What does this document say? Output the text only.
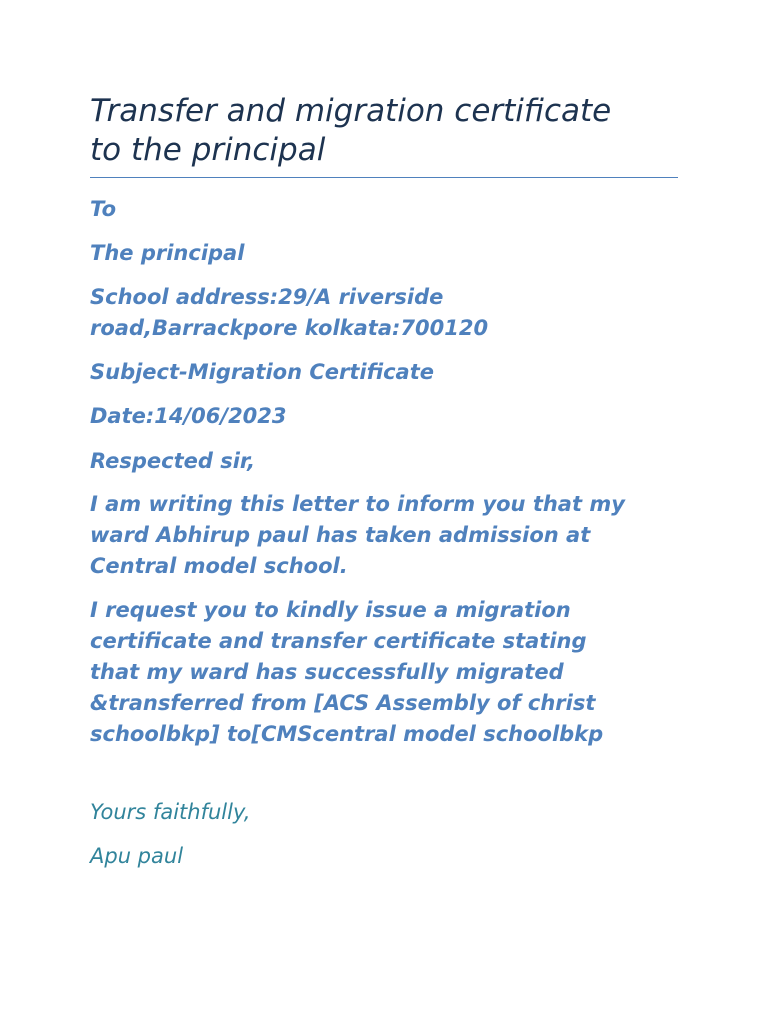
Transfer and migration certificate
to the principal

To

The principal

School address:29/A riverside
road,Barrackpore kolkata:700120

Subject-Migration Certificate

Date:14/06/2023

Respected sir,

I am writing this letter to inform you that my
ward Abhirup paul has taken admission at
Central model school.

I request you to kindly issue a migration
certificate and transfer certificate stating
that my ward has successfully migrated
&transferred from [ACS Assembly of christ
schoolbkp] to[CMScentral model schoolbkp

Yours faithfully,

Apu paul
